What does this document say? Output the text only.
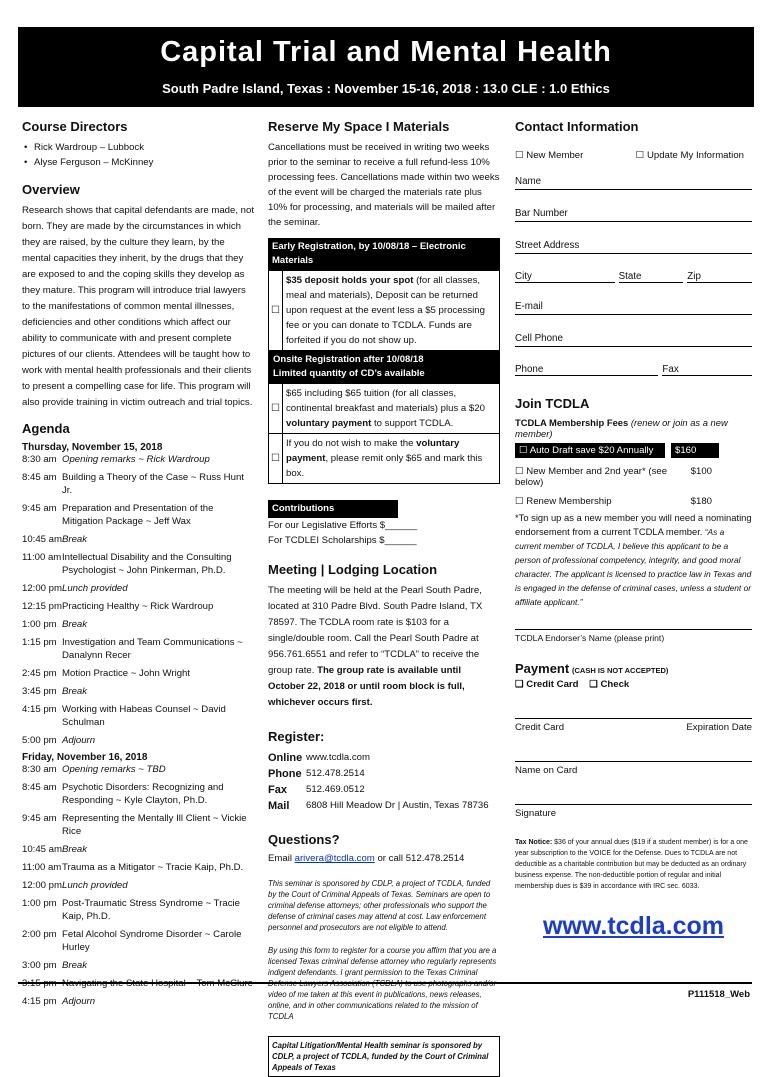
Capital Trial and Mental Health
South Padre Island, Texas : November 15-16, 2018 : 13.0 CLE : 1.0 Ethics
Course Directors
• Rick Wardroup – Lubbock
• Alyse Ferguson – McKinney
Overview

Research shows that capital defendants are made, not born. They are made by the circumstances in which they are raised, by the culture they learn, by the mental capacities they inherit, by the drugs that they are exposed to and the coping skills they develop as they mature. This program will introduce trial lawyers to the manifestations of common mental illnesses, deficiencies and other conditions which affect our ability to communicate with and present complete pictures of our clients. Attendees will be taught how to work with mental health professionals and their clients to present a compelling case for life. This program will also provide training in victim outreach and trial topics.

Agenda
Thursday, November 15, 2018
8:30 am Opening remarks ~ Rick Wardroup
8:45 am Building a Theory of the Case ~ Russ Hunt Jr.
9:45 am Preparation and Presentation of the Mitigation Package ~ Jeff Wax
10:45 am Break
11:00 am Intellectual Disability and the Consulting Psychologist ~ John Pinkerman, Ph.D.
12:00 pm Lunch provided
12:15 pm Practicing Healthy ~ Rick Wardroup
1:00 pm Break
1:15 pm Investigation and Team Communications ~ Danalynn Recer
2:45 pm Motion Practice ~ John Wright
3:45 pm Break
4:15 pm Working with Habeas Counsel ~ David Schulman
5:00 pm Adjourn
Friday, November 16, 2018
8:30 am Opening remarks ~ TBD
8:45 am Psychotic Disorders: Recognizing and Responding ~ Kyle Clayton, Ph.D.
9:45 am Representing the Mentally Ill Client ~ Vickie Rice
10:45 am Break
11:00 am Trauma as a Mitigator ~ Tracie Kaip, Ph.D.
12:00 pm Lunch provided
1:00 pm Post-Traumatic Stress Syndrome ~ Tracie Kaip, Ph.D.
2:00 pm Fetal Alcohol Syndrome Disorder ~ Carole Hurley
3:00 pm Break
3:15 pm Navigating the State Hospital ~ Tom McClure
4:15 pm Adjourn
Reserve My Space I Materials

Cancellations must be received in writing two weeks prior to the seminar to receive a full refund-less 10% processing fees. Cancellations made within two weeks of the event will be charged the materials rate plus 10% for processing, and materials will be mailed after the seminar.

Early Registration, by 10/08/18 – Electronic Materials
☐
$35 deposit holds your spot (for all classes, meal and materials), Deposit can be returned upon request at the event less a $5 processing fee or you can donate to TCDLA. Funds are forfeited if you do not show up.
Onsite Registration after 10/08/18
Limited quantity of CD’s available
☐
$65 including $65 tuition (for all classes, continental breakfast and materials) plus a $20 voluntary payment to support TCDLA.
☐
If you do not wish to make the voluntary payment, please remit only $65 and mark this box.
Contributions
For our Legislative Efforts $______
For TCDLEI Scholarships $______
Meeting | Lodging Location

The meeting will be held at the Pearl South Padre, located at 310 Padre Blvd. South Padre Island, TX 78597. The TCDLA room rate is $103 for a single/double room. Call the Pearl South Padre at 956.761.6551 and refer to “TCDLA” to receive the group rate. The group rate is available until October 22, 2018 or until room block is full, whichever occurs first.

Register:
Online www.tcdla.com
Phone 512.478.2514
Fax	512.469.0512
Mail	6808 Hill Meadow Dr | Austin, Texas 78736
Questions?
Email arivera@tcdla.com or call 512.478.2514

This seminar is sponsored by CDLP, a project of TCDLA, funded by the Court of Criminal Appeals of Texas. Seminars are open to criminal defense attorneys; other professionals who support the defense of criminal cases may attend at cost. Law enforcement personnel and prosecutors are not eligible to attend.

By using this form to register for a course you affirm that you are a licensed Texas criminal defense attorney who regularly represents indigent defendants. I grant permission to the Texas Criminal Defense Lawyers Association (TCDLA) to use photographs and/or video of me taken at this event in publications, news releases, online, and in other communications related to the mission of TCDLA

Capital Litigation/Mental Health seminar is sponsored by CDLP, a project of TCDLA, funded by the Court of Criminal Appeals of Texas
Contact Information
☐ New Member	☐ Update My Information
Name
Bar Number
Street Address
City	State	Zip
E-mail
Cell Phone
Phone	Fax
Join TCDLA
TCDLA Membership Fees (renew or join as a new member)
☐ Auto Draft save $20 Annually	$160
☐ New Member and 2nd year* (see below)
$100
☐ Renew Membership	$180

*To sign up as a new member you will need a nominating endorsement from a current TCDLA member. “As a current member of TCDLA, I believe this applicant to be a person of professional competency, integrity, and good moral character. The applicant is licensed to practice law in Texas and is engaged in the defense of criminal cases, unless a student or affiliate applicant.”

TCDLA Endorser’s Name (please print)
Payment (CASH IS NOT ACCEPTED)
❑ Credit Card ❑ Check
Credit Card	Expiration Date
Name on Card
Signature

Tax Notice: $36 of your annual dues ($19 if a student member) is for a one year subscription to the VOICE for the Defense. Dues to TCDLA are not deductible as a charitable contribution but may be deducted as an ordinary business expense. The non-deductible portion of regular and initial membership dues is $39 in accordance with IRC sec. 6033.

www.tcdla.com
P111518_Web
